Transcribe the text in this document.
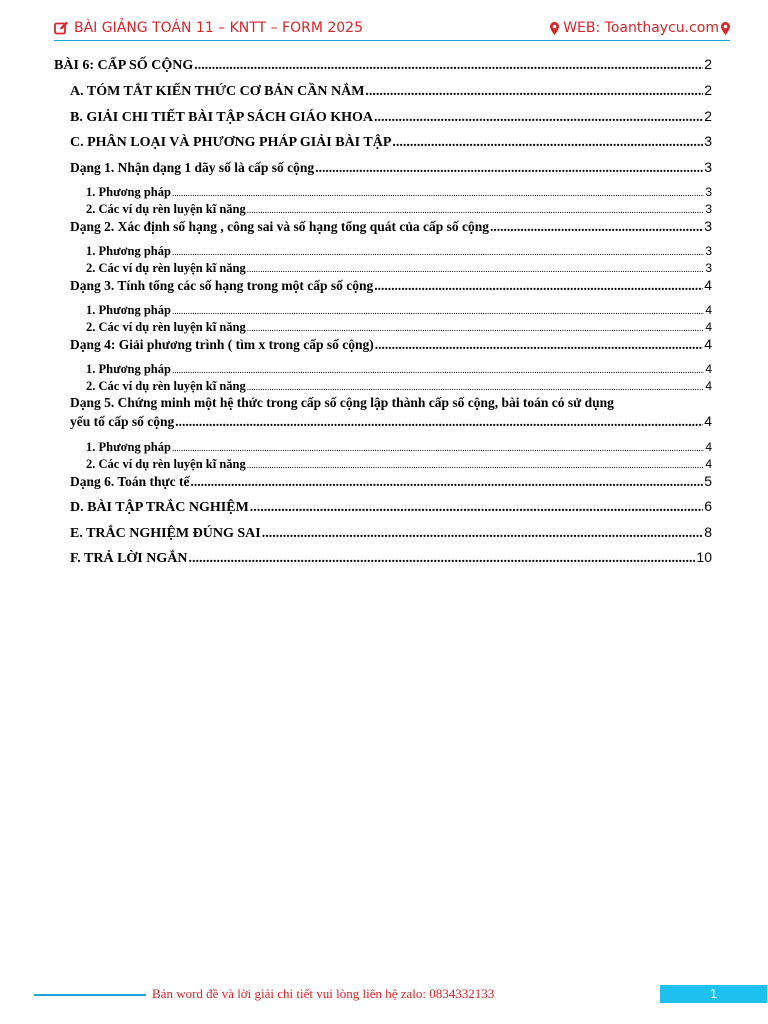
BÀI GIẢNG TOÁN 11 – KNTT – FORM 2025	WEB: Toanthaycu.com
BÀI 6: CẤP SỐ CỘNG .....	2
A. TÓM TẮT KIẾN THỨC CƠ BẢN CẦN NẮM .....	2
B. GIẢI CHI TIẾT BÀI TẬP SÁCH GIÁO KHOA .....	2
C. PHÂN LOẠI VÀ PHƯƠNG PHÁP GIẢI BÀI TẬP .....	3
Dạng 1. Nhận dạng 1 dãy số là cấp số cộng .....	3
1. Phương pháp .....	3
2. Các ví dụ rèn luyện kĩ năng .....	3
Dạng 2. Xác định số hạng , công sai và số hạng tổng quát của cấp số cộng .....	3
1. Phương pháp .....	3
2. Các ví dụ rèn luyện kĩ năng .....	3
Dạng 3. Tính tổng các số hạng trong một cấp số cộng .....	4
1. Phương pháp .....	4
2. Các ví dụ rèn luyện kĩ năng .....	4
Dạng 4: Giải phương trình ( tìm x trong cấp số cộng) .....	4
1. Phương pháp .....	4
2. Các ví dụ rèn luyện kĩ năng .....	4
Dạng 5. Chứng minh một hệ thức trong cấp số cộng lập thành cấp số cộng, bài toán có sử dụng
yếu tố cấp số cộng .....	4
1. Phương pháp .....	4
2. Các ví dụ rèn luyện kĩ năng .....	4
Dạng 6. Toán thực tế .....	5
D. BÀI TẬP TRẮC NGHIỆM .....	6
E. TRẮC NGHIỆM ĐÚNG SAI .....	8
F. TRẢ LỜI NGẮN .....	10
Bản word đề và lời giải chi tiết vui lòng liên hệ zalo: 0834332133	1
